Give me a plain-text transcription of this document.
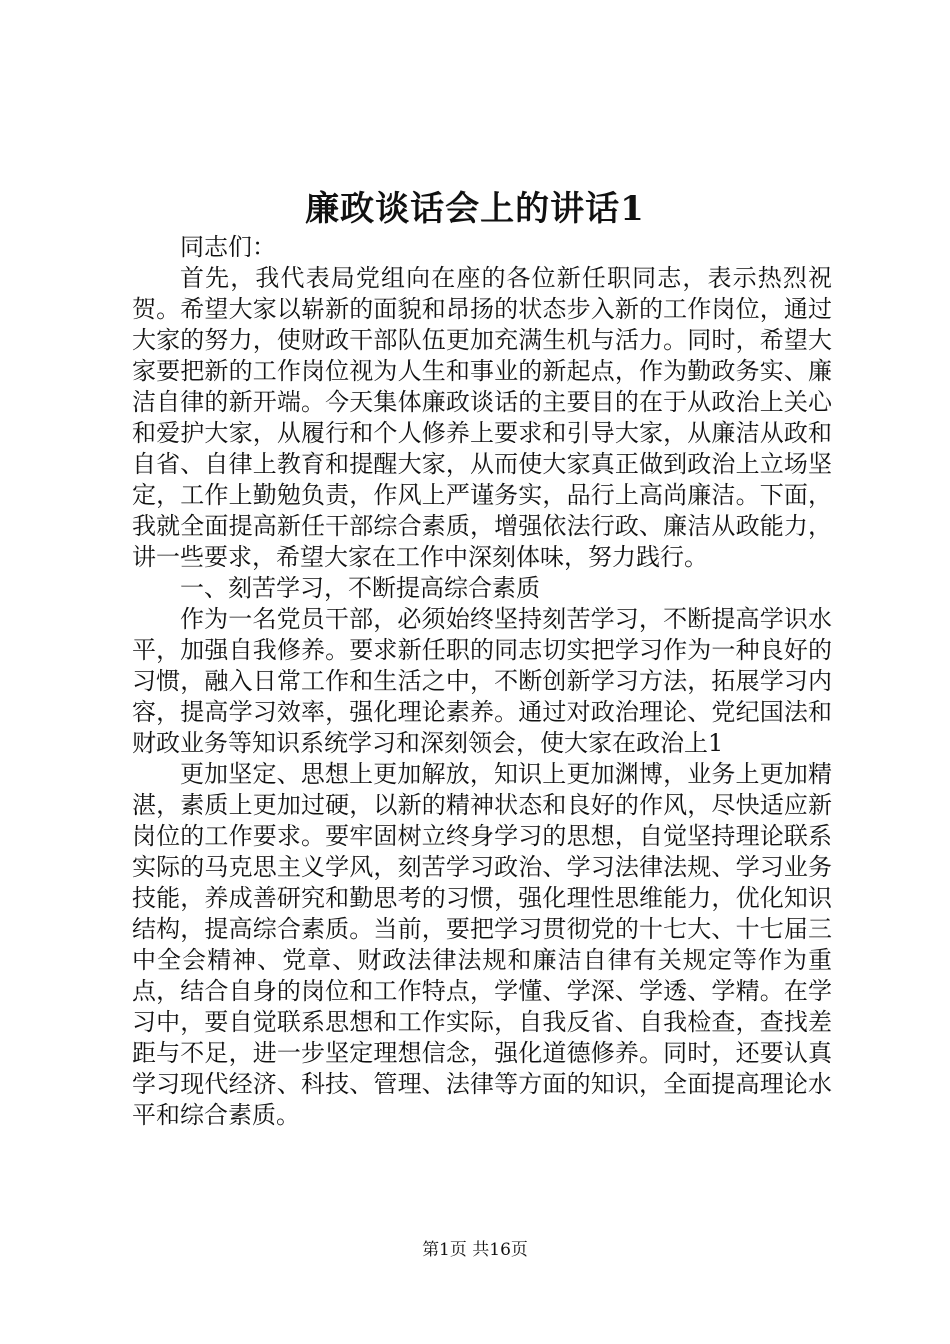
廉政谈话会上的讲话1

同志们：

首先，我代表局党组向在座的各位新任职同志，表示热烈祝贺。希望大家以崭新的面貌和昂扬的状态步入新的工作岗位，通过大家的努力，使财政干部队伍更加充满生机与活力。同时，希望大家要把新的工作岗位视为人生和事业的新起点，作为勤政务实、廉洁自律的新开端。今天集体廉政谈话的主要目的在于从政治上关心和爱护大家，从履行和个人修养上要求和引导大家，从廉洁从政和自省、自律上教育和提醒大家，从而使大家真正做到政治上立场坚定，工作上勤勉负责，作风上严谨务实，品行上高尚廉洁。下面，我就全面提高新任干部综合素质，增强依法行政、廉洁从政能力，讲一些要求，希望大家在工作中深刻体味，努力践行。

一、刻苦学习，不断提高综合素质

作为一名党员干部，必须始终坚持刻苦学习，不断提高学识水平，加强自我修养。要求新任职的同志切实把学习作为一种良好的习惯，融入日常工作和生活之中，不断创新学习方法，拓展学习内容，提高学习效率，强化理论素养。通过对政治理论、党纪国法和财政业务等知识系统学习和深刻领会，使大家在政治上1

更加坚定、思想上更加解放，知识上更加渊博，业务上更加精湛，素质上更加过硬，以新的精神状态和良好的作风，尽快适应新岗位的工作要求。要牢固树立终身学习的思想，自觉坚持理论联系实际的马克思主义学风，刻苦学习政治、学习法律法规、学习业务技能，养成善研究和勤思考的习惯，强化理性思维能力，优化知识结构，提高综合素质。当前，要把学习贯彻党的十七大、十七届三中全会精神、党章、财政法律法规和廉洁自律有关规定等作为重点，结合自身的岗位和工作特点，学懂、学深、学透、学精。在学习中，要自觉联系思想和工作实际，自我反省、自我检查，查找差距与不足，进一步坚定理想信念，强化道德修养。同时，还要认真学习现代经济、科技、管理、法律等方面的知识，全面提高理论水平和综合素质。

第1页 共16页
